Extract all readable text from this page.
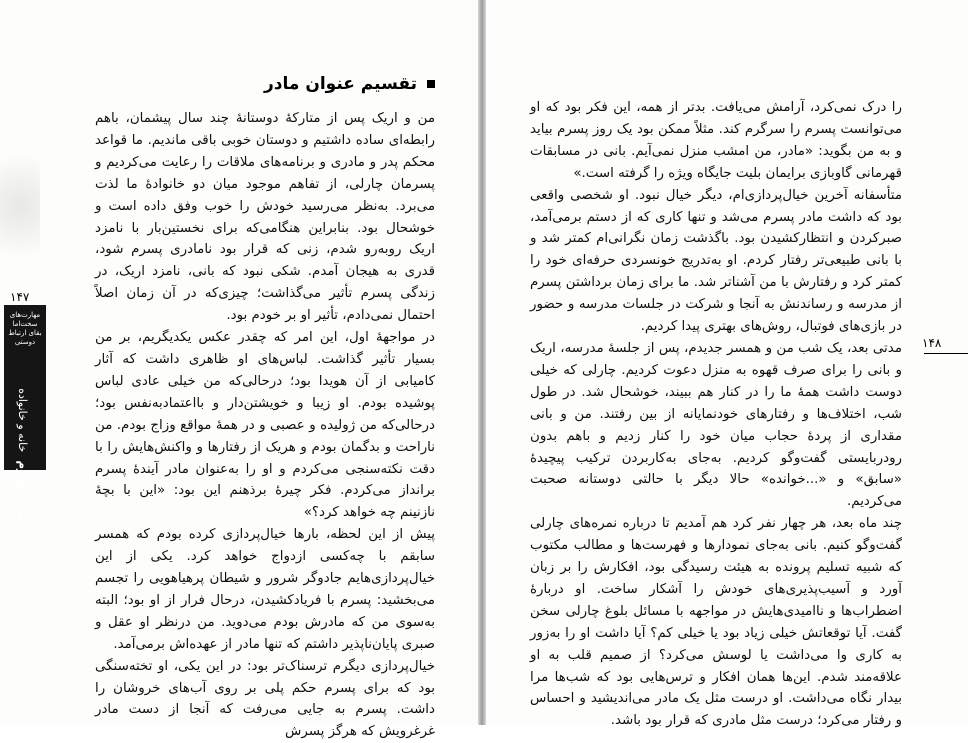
۱۴۷
مهارت‌های
سخت‌اما
بقای ارتباط
دوستی
فصل چهارم خانه و خانواده
تقسیم عنوان مادر

من و اریک پس از متارکهٔ دوستانهٔ چند سال پیشمان، باهم رابطه‌ای ساده داشتیم و دوستان خوبی باقی ماندیم. ما قواعد محکم پدر و مادری و برنامه‌های ملاقات را رعایت می‌کردیم و پسرمان چارلی، از تفاهم موجود میان دو خانوادهٔ ما لذت می‌برد. به‌نظر می‌رسید خودش را خوب وفق داده است و خوشحال بود. بنابراین هنگامی‌که برای نخستین‌بار با نامزد اریک روبه‌رو شدم، زنی که قرار بود نامادری پسرم شود، قدری به هیجان آمدم. شکی نبود که بانی، نامزد اریک، در زندگی پسرم تأثیر می‌گذاشت؛ چیزی‌که در آن زمان اصلاً احتمال نمی‌دادم، تأثیر او بر خودم بود.

در مواجههٔ اول، این امر که چقدر عکس یکدیگریم، بر من بسیار تأثیر گذاشت. لباس‌های او ظاهری داشت که آثار کامیابی از آن هویدا بود؛ درحالی‌که من خیلی عادی لباس پوشیده بودم. او زیبا و خویشتن‌دار و بااعتمادبه‌نفس بود؛ درحالی‌که من ژولیده و عصبی و در همهٔ مواقع وزاج بودم. من ناراحت و بدگمان بودم و هریک از رفتارها و واکنش‌هایش را با دقت نکته‌سنجی می‌کردم و او را به‌عنوان مادر آیندهٔ پسرم برانداز می‌کردم. فکر چیرهٔ برذهنم این بود: «این با بچهٔ نازنینم چه خواهد کرد؟»

پیش از این لحظه، بارها خیال‌پردازی کرده بودم که همسر سابقم با چه‌کسی ازدواج خواهد کرد. یکی از این خیال‌پردازی‌هایم جادوگر شرور و شیطان پرهیاهویی را تجسم می‌بخشید: پسرم با فریادکشیدن، درحال فرار از او بود؛ البته به‌سوی من که مادرش بودم می‌دوید. من درنظر او عقل و صبری پایان‌ناپذیر داشتم که تنها مادر از عهده‌اش برمی‌آمد.

خیال‌پردازی دیگرم ترسناک‌تر بود: در این یکی، او تخته‌سنگی بود که برای پسرم حکم پلی بر روی آب‌های خروشان را داشت. پسرم به جایی می‌رفت که آنجا از دست مادر غرغرویش که هرگز پسرش

۱۴۸

را درک نمی‌کرد، آرامش می‌یافت. بدتر از همه، این فکر بود که او می‌توانست پسرم را سرگرم کند. مثلاً ممکن بود یک روز پسرم بیاید و به من بگوید: «مادر، من امشب منزل نمی‌آیم. بانی در مسابقات قهرمانی گاوبازی برایمان بلیت جایگاه ویژه را گرفته است.»

متأسفانه آخرین خیال‌پردازی‌ام، دیگر خیال نبود. او شخصی واقعی بود که داشت مادر پسرم می‌شد و تنها کاری که از دستم برمی‌آمد، صبرکردن و انتظارکشیدن بود. باگذشت زمان نگرانی‌ام کمتر شد و با بانی طبیعی‌تر رفتار کردم. او به‌تدریج خونسردی حرفه‌ای خود را کمتر کرد و رفتارش با من آشناتر شد. ما برای زمان برداشتن پسرم از مدرسه و رساندنش به آنجا و شرکت در جلسات مدرسه و حضور در بازی‌های فوتبال، روش‌های بهتری پیدا کردیم.

مدتی بعد، یک شب من و همسر جدیدم، پس از جلسهٔ مدرسه، اریک و بانی را برای صرف قهوه به منزل دعوت کردیم. چارلی که خیلی دوست داشت همهٔ ما را در کنار هم ببیند، خوشحال شد. در طول شب، اختلاف‌ها و رفتارهای خودنمایانه از بین رفتند. من و بانی مقداری از پردهٔ حجاب میان خود را کنار زدیم و باهم بدون رودربایستی گفت‌وگو کردیم. به‌جای به‌کاربردن ترکیب پیچیدهٔ «سابق» و «...خوانده» حالا دیگر با حالتی دوستانه صحبت می‌کردیم.

چند ماه بعد، هر چهار نفر کرد هم آمدیم تا درباره نمره‌های چارلی گفت‌وگو کنیم. بانی به‌جای نمودارها و فهرست‌ها و مطالب مکتوب که شبیه تسلیم پرونده به هیئت رسیدگی بود، افکارش را بر زبان آورد و آسیب‌پذیری‌های خودش را آشکار ساخت. او دربارهٔ اضطراب‌ها و ناامیدی‌هایش در مواجهه با مسائل بلوغ چارلی سخن گفت. آیا توقعاتش خیلی زیاد بود یا خیلی کم؟ آیا داشت او را به‌زور به کاری وا می‌داشت یا لوسش می‌کرد؟ از صمیم قلب به او علاقه‌مند شدم. این‌ها همان افکار و ترس‌هایی بود که شب‌ها مرا بیدار نگاه می‌داشت. او درست مثل یک مادر می‌اندیشید و احساس و رفتار می‌کرد؛ درست مثل مادری که قرار بود باشد.
